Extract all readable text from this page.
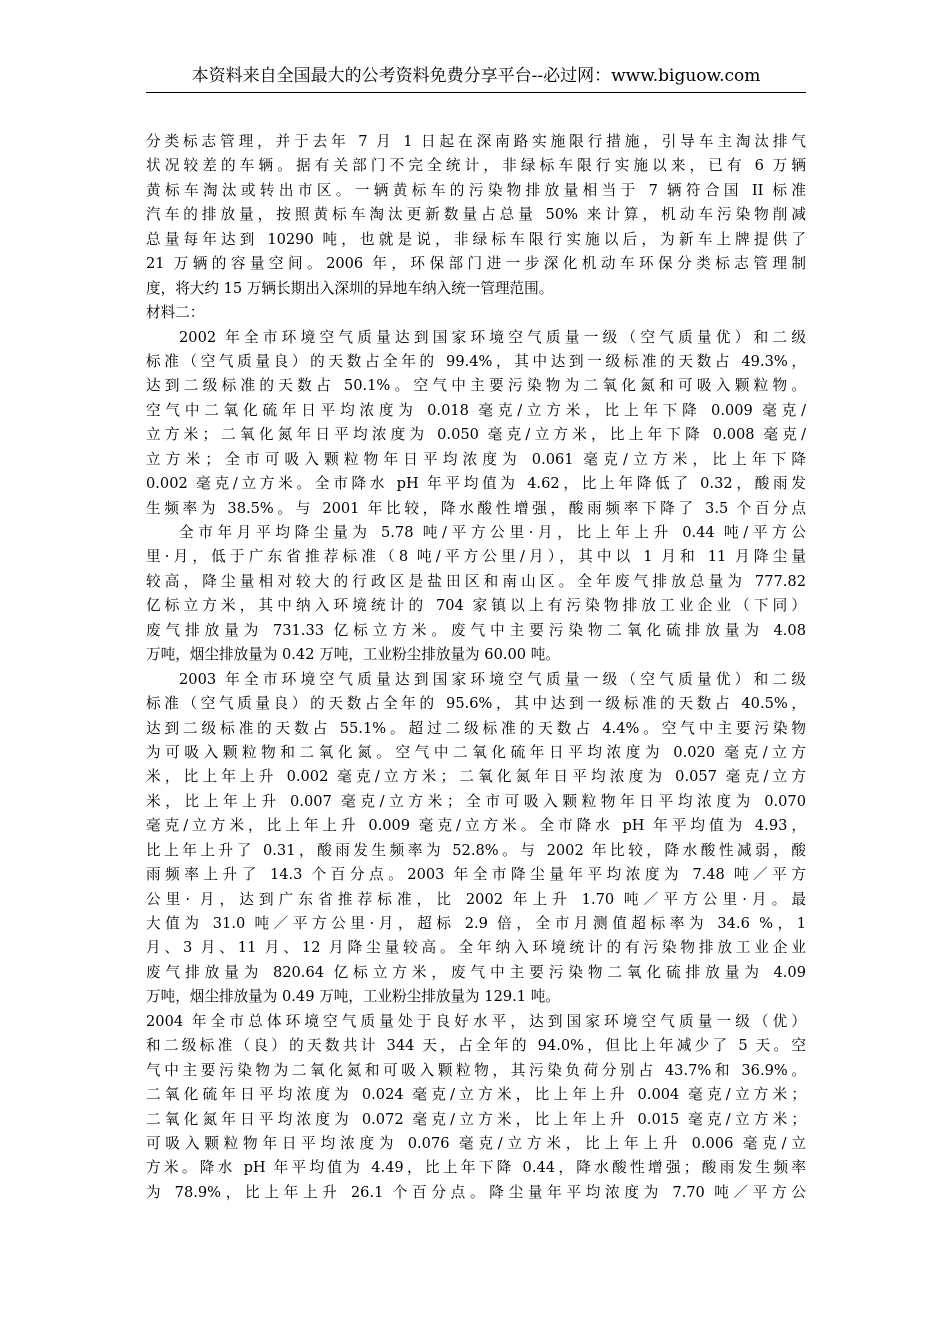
本资料来自全国最大的公考资料免费分享平台--必过网：www.biguow.com
分类标志管理，并于去年 7 月 1 日起在深南路实施限行措施，引导车主淘汰排气
状况较差的车辆。据有关部门不完全统计，非绿标车限行实施以来，已有 6 万辆
黄标车淘汰或转出市区。一辆黄标车的污染物排放量相当于 7 辆符合国 II 标准
汽车的排放量，按照黄标车淘汰更新数量占总量 50% 来计算，机动车污染物削减
总量每年达到 10290 吨，也就是说，非绿标车限行实施以后，为新车上牌提供了
21 万辆的容量空间。2006 年，环保部门进一步深化机动车环保分类标志管理制
度，将大约 15 万辆长期出入深圳的异地车纳入统一管理范围。
材料二：
2002 年全市环境空气质量达到国家环境空气质量一级（空气质量优）和二级
标准（空气质量良）的天数占全年的 99.4%，其中达到一级标准的天数占 49.3%，
达到二级标准的天数占 50.1%。空气中主要污染物为二氧化氮和可吸入颗粒物。
空气中二氧化硫年日平均浓度为 0.018 毫克/立方米，比上年下降 0.009 毫克/
立方米；二氧化氮年日平均浓度为 0.050 毫克/立方米，比上年下降 0.008 毫克/
立方米；全市可吸入颗粒物年日平均浓度为 0.061 毫克/立方米，比上年下降
0.002 毫克/立方米。全市降水 pH 年平均值为 4.62，比上年降低了 0.32，酸雨发
生频率为 38.5%。与 2001 年比较，降水酸性增强，酸雨频率下降了 3.5 个百分点
全市年月平均降尘量为 5.78 吨/平方公里·月，比上年上升 0.44 吨/平方公
里·月，低于广东省推荐标准（8 吨/平方公里/月），其中以 1 月和 11 月降尘量
较高，降尘量相对较大的行政区是盐田区和南山区。全年废气排放总量为 777.82
亿标立方米，其中纳入环境统计的 704 家镇以上有污染物排放工业企业（下同）
废气排放量为 731.33 亿标立方米。废气中主要污染物二氧化硫排放量为 4.08
万吨，烟尘排放量为 0.42 万吨，工业粉尘排放量为 60.00 吨。
2003 年全市环境空气质量达到国家环境空气质量一级（空气质量优）和二级
标准（空气质量良）的天数占全年的 95.6%，其中达到一级标准的天数占 40.5%，
达到二级标准的天数占 55.1%。超过二级标准的天数占 4.4%。空气中主要污染物
为可吸入颗粒物和二氧化氮。空气中二氧化硫年日平均浓度为 0.020 毫克/立方
米，比上年上升 0.002 毫克/立方米；二氧化氮年日平均浓度为 0.057 毫克/立方
米，比上年上升 0.007 毫克/立方米；全市可吸入颗粒物年日平均浓度为 0.070
毫克/立方米，比上年上升 0.009 毫克/立方米。全市降水 pH 年平均值为 4.93，
比上年上升了 0.31，酸雨发生频率为 52.8%。与 2002 年比较，降水酸性减弱，酸
雨频率上升了 14.3 个百分点。2003 年全市降尘量年平均浓度为 7.48 吨／平方
公里· 月，达到广东省推荐标准，比 2002 年上升 1.70 吨／平方公里·月。最
大值为 31.0 吨／平方公里·月，超标 2.9 倍，全市月测值超标率为 34.6 %，1
月、3 月、11 月、12 月降尘量较高。全年纳入环境统计的有污染物排放工业企业
废气排放量为 820.64 亿标立方米，废气中主要污染物二氧化硫排放量为 4.09
万吨，烟尘排放量为 0.49 万吨，工业粉尘排放量为 129.1 吨。
2004 年全市总体环境空气质量处于良好水平，达到国家环境空气质量一级（优）
和二级标准（良）的天数共计 344 天，占全年的 94.0%，但比上年减少了 5 天。空
气中主要污染物为二氧化氮和可吸入颗粒物，其污染负荷分别占 43.7%和 36.9%。
二氧化硫年日平均浓度为 0.024 毫克/立方米，比上年上升 0.004 毫克/立方米；
二氧化氮年日平均浓度为 0.072 毫克/立方米，比上年上升 0.015 毫克/立方米；
可吸入颗粒物年日平均浓度为 0.076 毫克/立方米，比上年上升 0.006 毫克/立
方米。降水 pH 年平均值为 4.49，比上年下降 0.44，降水酸性增强；酸雨发生频率
为 78.9%，比上年上升 26.1 个百分点。降尘量年平均浓度为 7.70 吨／平方公
